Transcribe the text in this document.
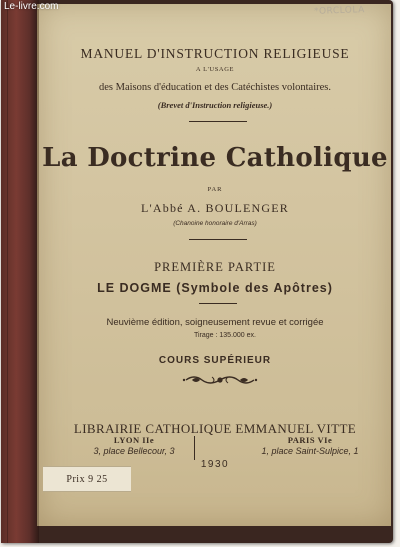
*ORCLOLA
MANUEL D'INSTRUCTION RELIGIEUSE
A L'USAGE
des Maisons d'éducation et des Catéchistes volontaires.
(Brevet d'Instruction religieuse.)
La Doctrine Catholique
PAR
L'Abbé A. BOULENGER
(Chanoine honoraire d'Arras)
PREMIÈRE PARTIE
LE DOGME (Symbole des Apôtres)
Neuvième édition, soigneusement revue et corrigée
Tirage : 135.000 ex.
COURS SUPÉRIEUR
LIBRAIRIE CATHOLIQUE EMMANUEL VITTE
LYON IIe
3, place Bellecour, 3
PARIS VIe
1, place Saint-Sulpice, 1
1930
Prix 9 25
Le-livre.com
